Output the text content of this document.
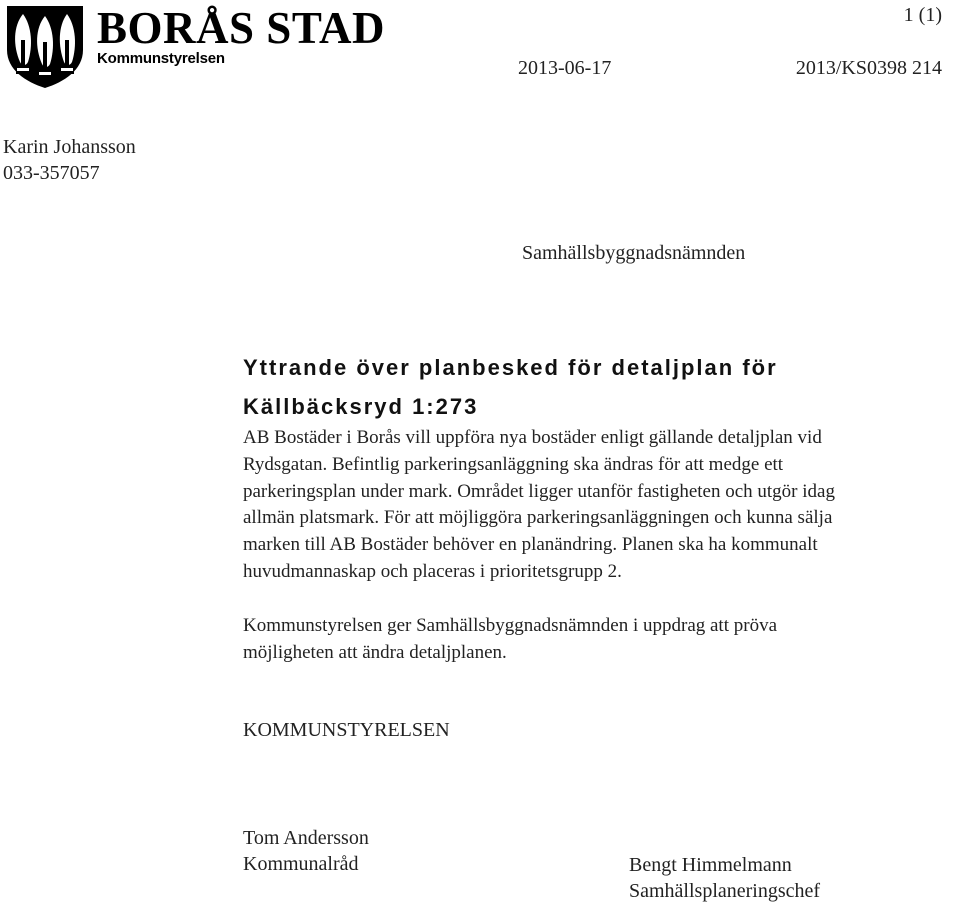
BORÅS STAD
Kommunstyrelsen
1 (1)
2013-06-17	2013/KS0398 214
Karin Johansson
033-357057
Samhällsbyggnadsnämnden
Yttrande över planbesked för detaljplan för
Källbäcksryd 1:273
AB Bostäder i Borås vill uppföra nya bostäder enligt gällande detaljplan vid
Rydsgatan. Befintlig parkeringsanläggning ska ändras för att medge ett
parkeringsplan under mark. Området ligger utanför fastigheten och utgör idag
allmän platsmark. För att möjliggöra parkeringsanläggningen och kunna sälja
marken till AB Bostäder behöver en planändring. Planen ska ha kommunalt
huvudmannaskap och placeras i prioritetsgrupp 2.
Kommunstyrelsen ger Samhällsbyggnadsnämnden i uppdrag att pröva
möjligheten att ändra detaljplanen.
KOMMUNSTYRELSEN
Tom Andersson
Kommunalråd	Bengt Himmelmann
Samhällsplaneringschef
